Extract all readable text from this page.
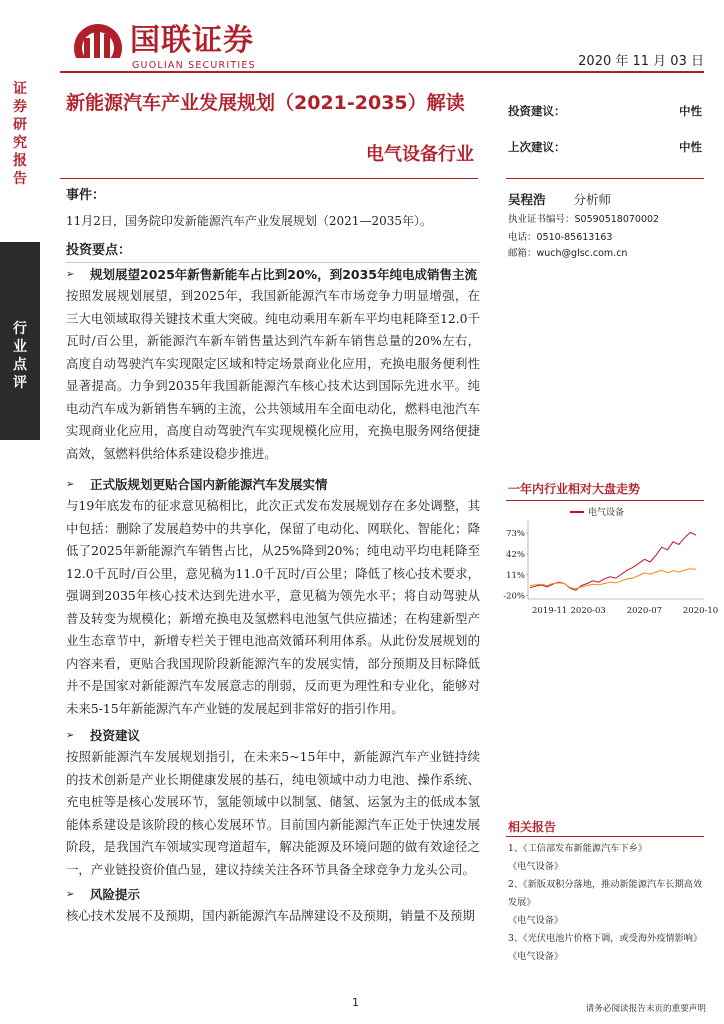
证券研究报告
行业点评
国联证券
GUOLIAN SECURITIES	2020 年 11 月 03 日
新能源汽车产业发展规划（2021-2035）解读
电气设备行业
投资建议：	中性
上次建议：	中性
事件：
11月2日，国务院印发新能源汽车产业发展规划（2021—2035年）。
投资要点：
➢	规划展望2025年新售新能车占比到20%，到2035年纯电成销售主流
按照发展规划展望，到2025年，我国新能源汽车市场竞争力明显增强，在三大电领域取得关键技术重大突破。纯电动乘用车新车平均电耗降至12.0千瓦时/百公里，新能源汽车新车销售量达到汽车新车销售总量的20%左右，高度自动驾驶汽车实现限定区域和特定场景商业化应用，充换电服务便利性显著提高。力争到2035年我国新能源汽车核心技术达到国际先进水平。纯电动汽车成为新销售车辆的主流，公共领域用车全面电动化，燃料电池汽车实现商业化应用，高度自动驾驶汽车实现规模化应用，充换电服务网络便捷高效，氢燃料供给体系建设稳步推进。
➢	正式版规划更贴合国内新能源汽车发展实情
与19年底发布的征求意见稿相比，此次正式发布发展规划存在多处调整，其中包括：删除了发展趋势中的共享化，保留了电动化、网联化、智能化；降低了2025年新能源汽车销售占比，从25%降到20%；纯电动平均电耗降至12.0千瓦时/百公里，意见稿为11.0千瓦时/百公里；降低了核心技术要求，强调到2035年核心技术达到先进水平，意见稿为领先水平；将自动驾驶从普及转变为规模化；新增充换电及氢燃料电池氢气供应描述；在构建新型产业生态章节中，新增专栏关于锂电池高效循环利用体系。从此份发展规划的内容来看，更贴合我国现阶段新能源汽车的发展实情，部分预期及目标降低并不是国家对新能源汽车发展意志的削弱，反而更为理性和专业化，能够对未来5-15年新能源汽车产业链的发展起到非常好的指引作用。
➢	投资建议
按照新能源汽车发展规划指引，在未来5~15年中，新能源汽车产业链持续的技术创新是产业长期健康发展的基石，纯电领域中动力电池、操作系统、充电桩等是核心发展环节，氢能领域中以制氢、储氢、运氢为主的低成本氢能体系建设是该阶段的核心发展环节。目前国内新能源汽车正处于快速发展阶段，是我国汽车领域实现弯道超车，解决能源及环境问题的做有效途径之一，产业链投资价值凸显，建议持续关注各环节具备全球竞争力龙头公司。
➢	风险提示
核心技术发展不及预期，国内新能源汽车品牌建设不及预期，销量不及预期
吴程浩 分析师
执业证书编号：S0590518070002
电话：0510-85613163
邮箱：wuch@glsc.com.cn
一年内行业相对大盘走势
电气设备
73%
42%
11%
-20%
2019-11 2020-03 2020-07 2020-10
相关报告
1、《工信部发布新能源汽车下乡》
《电气设备》
2、《新版双积分落地，推动新能源汽车长期高效发展》
《电气设备》
3、《光伏电池片价格下调，或受海外疫情影响》
《电气设备》
1	请务必阅读报告末页的重要声明
